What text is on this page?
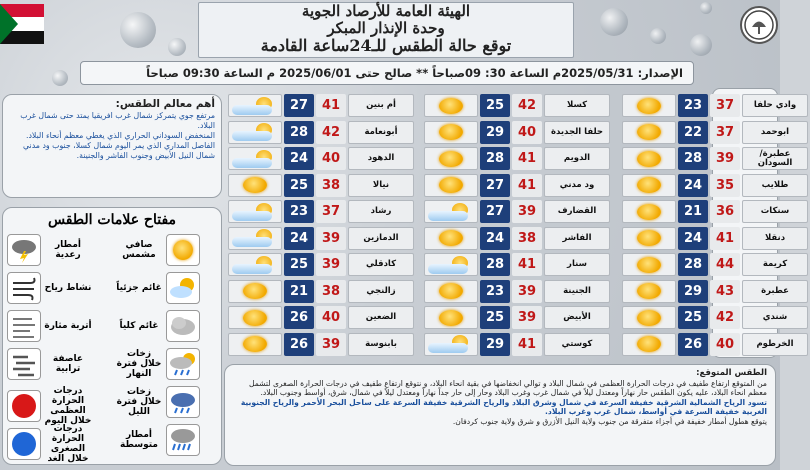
الهيئة العامة للأرصاد الجوية
وحدة الإنذار المبكر
توقع حالة الطقس للـ24ساعة القادمة
الإصدار: 2025/05/31م الساعة 30: 09صباحاً ** صالح حتى 2025/06/01 م الساعة 09:30 صباحاً
أهم معالم الطقس:
مرتفع جوي يتمركز شمال غرب افريقيا يمتد حتى شمال غرب البلاد.
المنخفض السوداني الحراري الذي يغطي معظم أنحاء البلاد.
الفاصل المداري الذي يمر اليوم شمال كسلا، جنوب ود مدني شمال النيل الأبيض وجنوب الفاشر والجنينة.
مفتاح علامات الطقس
صافي مشمس
أمطار رعدية
غائم جزئياً
نشاط رياح
غائم كلياً
أتربة مثارة
زخات خلال فترة النهار
عاصفة ترابية
زخات خلال فترة الليل
درجات الحرارة العظمى خلال اليوم
أمطار متوسطة
درجات الحرارة الصغرى خلال الغد
27	41	أم بنين
28	42	أبونعامة
24	40	الدهود
25	38	نيالا
23	37	رشاد
24	39	الدمازين
25	39	كادقلي
21	38	زالنجي
26	40	الضعين
26	39	بابنوسة
25	42	كسلا
29	40	حلفا الجديدة
28	41	الدويم
27	41	ود مدني
27	39	القضارف
24	38	الفاشر
28	41	سنار
23	39	الجنينة
25	39	الأبيض
29	41	كوستي
23	37	وادي حلفا
22	37	ابوحمد
28	39	عطبرة/السودان
24	35	طلايب
21	36	سنكات
24	41	دنقلا
28	44	كريمة
29	43	عطبرة
25	42	شندي
26	40	الخرطوم
الطقس المتوقع:
من المتوقع ارتفاع طفيف في درجات الحرارة العظمى في شمال البلاد و توالي انخفاضها في بقية انحاء البلاد، و نتوقع ارتفاع طفيف في درجات الحرارة الصغرى لتشمل معظم انحاء البلاد، عليه يكون الطقس حار نهاراً ومعتدل ليلاً في شمال غرب وغرب البلاد وحار إلى حار جداً نهاراً ومعتدل ليلاً في شمال، شرق، أواسط وجنوب البلاد.
تسود الرياح الشمالية الشرقية خفيفة السرعة في شمال وشرق البلاد والرياح الشرقية خفيفة السرعة على ساحل البحر الأحمر والرياح الجنوبية الغربية خفيفة السرعة في أواسط، شمال غرب وغرب البلاد.
يتوقع هطول أمطار خفيفة في أجزاء متفرقة من جنوب ولاية النيل الأزرق و شرق ولاية جنوب كردفان.
